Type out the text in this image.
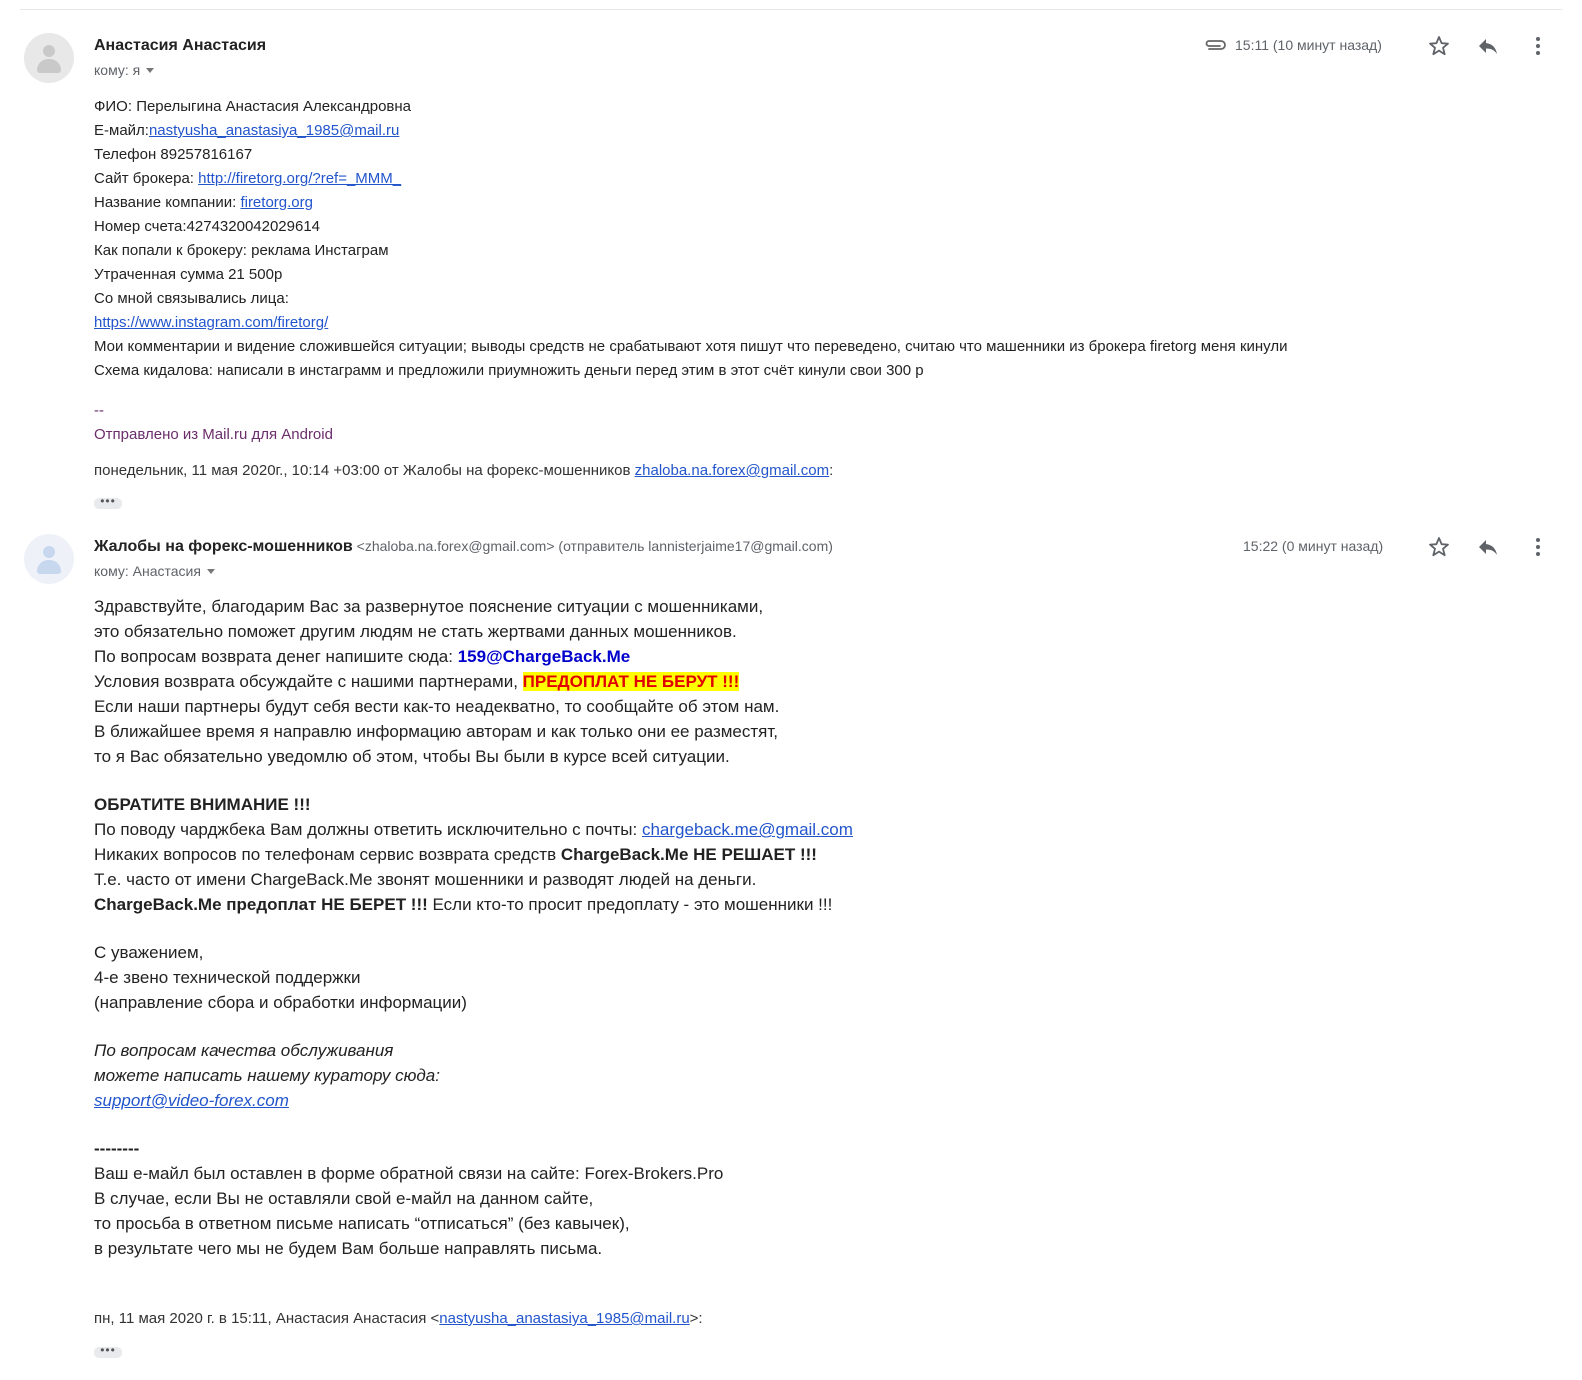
Анастасия Анастасия
кому: я
15:11 (10 минут назад)
ФИО: Перелыгина Анастасия Александровна
Е-майл:nastyusha_anastasiya_1985@mail.ru
Телефон 89257816167
Сайт брокера: http://firetorg.org/?ref=_MMM_
Название компании: firetorg.org
Номер счета:4274320042029614
Как попали к брокеру: реклама Инстаграм
Утраченная сумма 21 500р
Со мной связывались лица:
https://www.instagram.com/firetorg/
Мои комментарии и видение сложившейся ситуации; выводы средств не срабатывают хотя пишут что переведено, считаю что машенники из брокера firetorg меня кинули
Схема кидалова: написали в инстаграмм и предложили приумножить деньги перед этим в этот счёт кинули свои 300 р
--
Отправлено из Mail.ru для Android
понедельник, 11 мая 2020г., 10:14 +03:00 от Жалобы на форекс-мошенников zhaloba.na.forex@gmail.com:
•••
Жалобы на форекс-мошенников <zhaloba.na.forex@gmail.com> (отправитель lannisterjaime17@gmail.com)
кому: Анастасия
15:22 (0 минут назад)
Здравствуйте, благодарим Вас за развернутое пояснение ситуации с мошенниками,
это обязательно поможет другим людям не стать жертвами данных мошенников.
По вопросам возврата денег напишите сюда: 159@ChargeBack.Me
Условия возврата обсуждайте с нашими партнерами, ПРЕДОПЛАТ НЕ БЕРУТ !!!
Если наши партнеры будут себя вести как-то неадекватно, то сообщайте об этом нам.
В ближайшее время я направлю информацию авторам и как только они ее разместят,
то я Вас обязательно уведомлю об этом, чтобы Вы были в курсе всей ситуации.
ОБРАТИТЕ ВНИМАНИЕ !!!
По поводу чарджбека Вам должны ответить исключительно с почты: chargeback.me@gmail.com
Никаких вопросов по телефонам сервис возврата средств ChargeBack.Me НЕ РЕШАЕТ !!!
Т.е. часто от имени ChargeBack.Me звонят мошенники и разводят людей на деньги.
ChargeBack.Me предоплат НЕ БЕРЕТ !!! Если кто-то просит предоплату - это мошенники !!!
С уважением,
4-е звено технической поддержки
(направление сбора и обработки информации)
По вопросам качества обслуживания
можете написать нашему куратору сюда:
support@video-forex.com
--------
Ваш е-майл был оставлен в форме обратной связи на сайте: Forex-Brokers.Pro
В случае, если Вы не оставляли свой е-майл на данном сайте,
то просьба в ответном письме написать “отписаться” (без кавычек),
в результате чего мы не будем Вам больше направлять письма.
пн, 11 мая 2020 г. в 15:11, Анастасия Анастасия <nastyusha_anastasiya_1985@mail.ru>:
•••
